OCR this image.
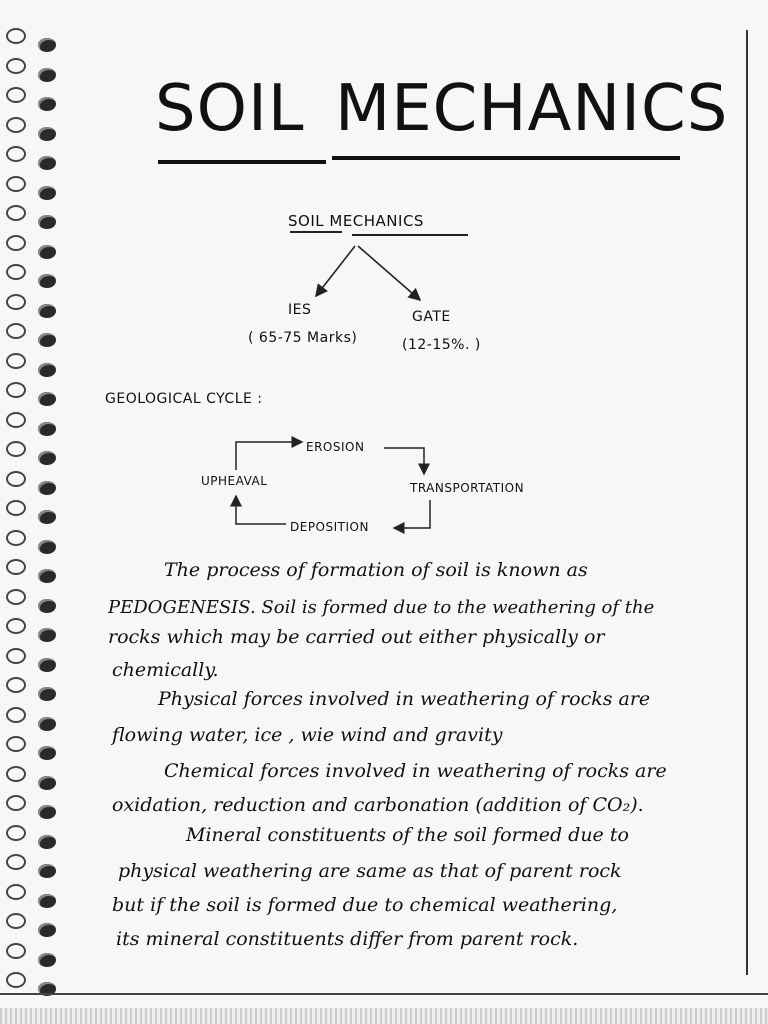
SOIL MECHANICS
SOIL MECHANICS
IES
( 65-75 Marks)
GATE
(12-15%. )
GEOLOGICAL CYCLE :
EROSION
TRANSPORTATION
DEPOSITION
UPHEAVAL
The process of formation of soil is known as
PEDOGENESIS. Soil is formed due to the weathering of the
rocks which may be carried out either physically or
chemically.
Physical forces involved in weathering of rocks are
flowing water, ice , wie wind and gravity
Chemical forces involved in weathering of rocks are
oxidation, reduction and carbonation (addition of CO₂).
Mineral constituents of the soil formed due to
physical weathering are same as that of parent rock
but if the soil is formed due to chemical weathering,
its mineral constituents differ from parent rock.
